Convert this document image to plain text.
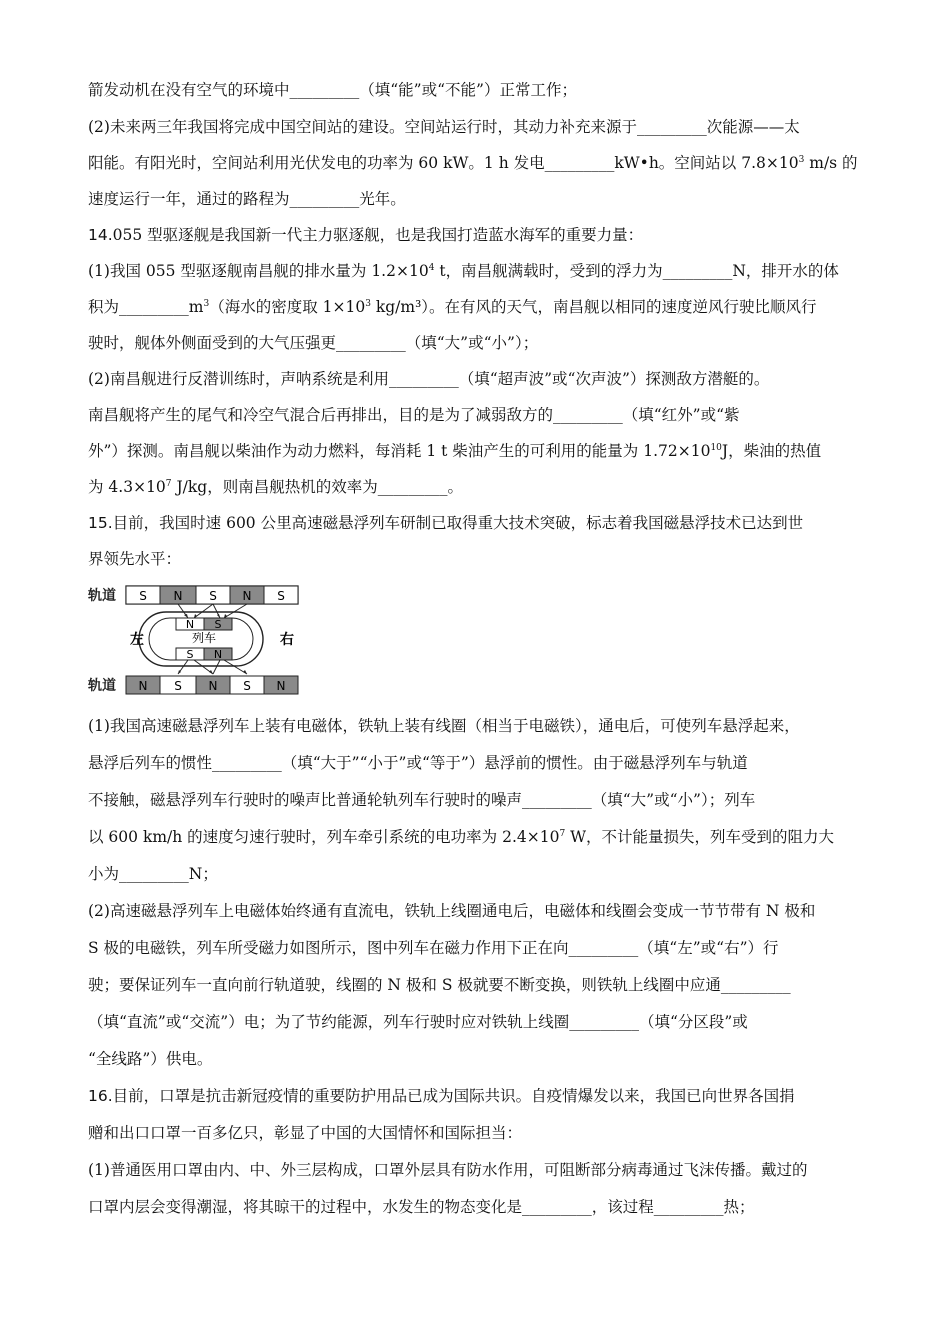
箭发动机在没有空气的环境中_________（填“能”或“不能”）正常工作；
(2)未来两三年我国将完成中国空间站的建设。空间站运行时，其动力补充来源于_________次能源——太
阳能。有阳光时，空间站利用光伏发电的功率为 60 kW。1 h 发电_________kW•h。空间站以 $7.8\times 10^3$ m/s 的
速度运行一年，通过的路程为_________光年。
14.055 型驱逐舰是我国新一代主力驱逐舰，也是我国打造蓝水海军的重要力量：
(1)我国 055 型驱逐舰南昌舰的排水量为 $1.2\times 10^4$ t，南昌舰满载时，受到的浮力为_________N，排开水的体
积为$\_\_\_\_\_\_\_\_\_m^3$（海水的密度取 $1\times 10^3$ kg/m³）。在有风的天气，南昌舰以相同的速度逆风行驶比顺风行
驶时，舰体外侧面受到的大气压强更_________（填“大”或“小”）；
(2)南昌舰进行反潜训练时，声呐系统是利用_________（填“超声波”或“次声波”）探测敌方潜艇的。
南昌舰将产生的尾气和冷空气混合后再排出，目的是为了减弱敌方的_________（填“红外”或“紫
外”）探测。南昌舰以柴油作为动力燃料，每消耗 1 t 柴油产生的可利用的能量为 $1.72\times 10^{10}J$，柴油的热值
为 $4.3\times 10^7$ J/kg，则南昌舰热机的效率为_________。
15.目前，我国时速 600 公里高速磁悬浮列车研制已取得重大技术突破，标志着我国磁悬浮技术已达到世
界领先水平：
轨道 S N S N S
N S
列车
S N
左	右
轨道 N S N S N
(1)我国高速磁悬浮列车上装有电磁体，铁轨上装有线圈（相当于电磁铁），通电后，可使列车悬浮起来，
悬浮后列车的惯性_________（填“大于”“小于”或“等于”）悬浮前的惯性。由于磁悬浮列车与轨道
不接触，磁悬浮列车行驶时的噪声比普通轮轨列车行驶时的噪声_________（填“大”或“小”）；列车
以 600 km/h 的速度匀速行驶时，列车牵引系统的电功率为 $2.4\times 10^7$ W，不计能量损失，列车受到的阻力大
小为_________N；
(2)高速磁悬浮列车上电磁体始终通有直流电，铁轨上线圈通电后，电磁体和线圈会变成一节节带有 N 极和
S 极的电磁铁，列车所受磁力如图所示，图中列车在磁力作用下正在向_________（填“左”或“右”）行
驶；要保证列车一直向前行轨道驶，线圈的 N 极和 S 极就要不断变换，则铁轨上线圈中应通_________
（填“直流”或“交流”）电；为了节约能源，列车行驶时应对铁轨上线圈_________（填“分区段”或
“全线路”）供电。
16.目前，口罩是抗击新冠疫情的重要防护用品已成为国际共识。自疫情爆发以来，我国已向世界各国捐
赠和出口口罩一百多亿只，彰显了中国的大国情怀和国际担当：
(1)普通医用口罩由内、中、外三层构成，口罩外层具有防水作用，可阻断部分病毒通过飞沫传播。戴过的
口罩内层会变得潮湿，将其晾干的过程中，水发生的物态变化是_________，该过程_________热；
